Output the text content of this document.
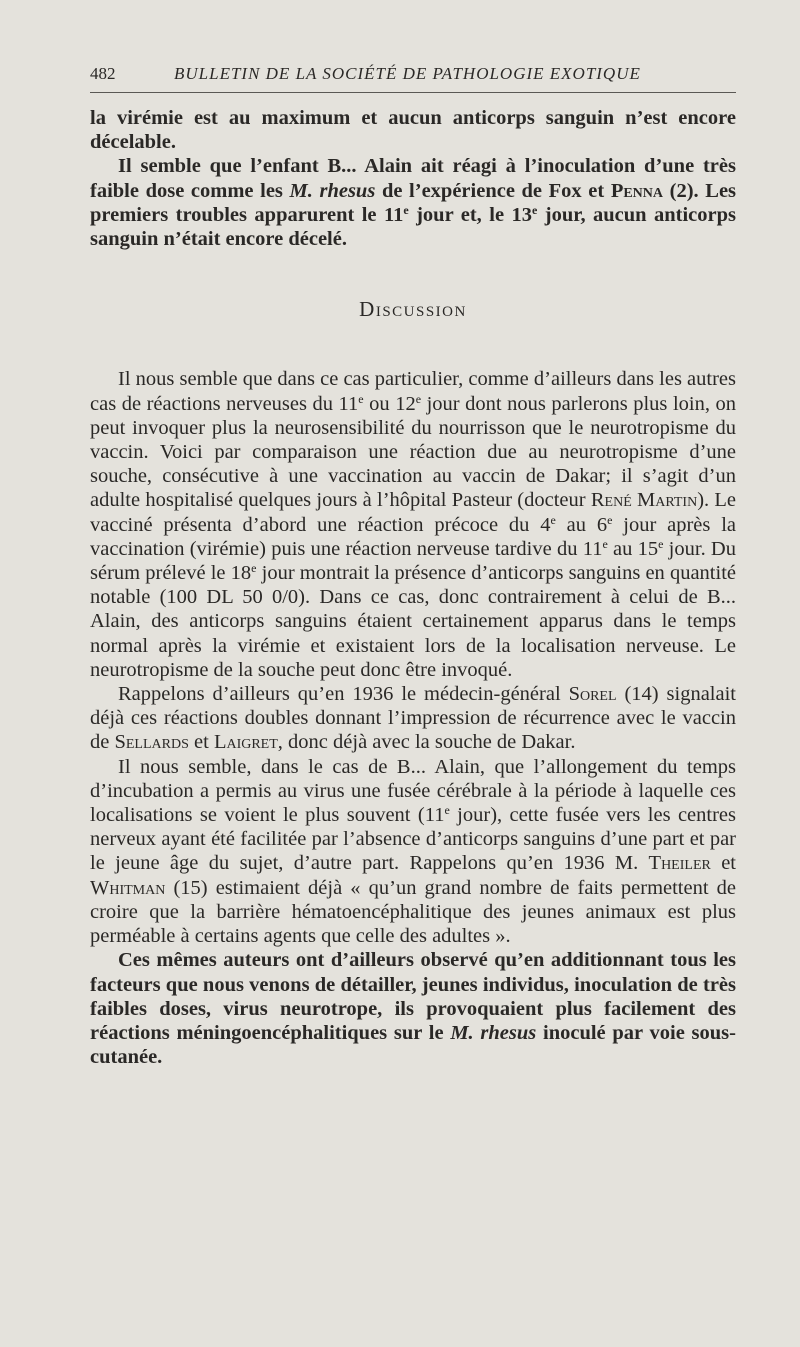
482	BULLETIN DE LA SOCIÉTÉ DE PATHOLOGIE EXOTIQUE

la virémie est au maximum et aucun anticorps sanguin n’est encore décelable.

Il semble que l’enfant B... Alain ait réagi à l’inoculation d’une très faible dose comme les M. rhesus de l’expérience de Fox et Penna (2). Les premiers troubles apparurent le 11e jour et, le 13e jour, aucun anticorps sanguin n’était encore décelé.

Discussion

Il nous semble que dans ce cas particulier, comme d’ailleurs dans les autres cas de réactions nerveuses du 11e ou 12e jour dont nous parlerons plus loin, on peut invoquer plus la neurosensibilité du nourrisson que le neurotropisme du vaccin. Voici par comparaison une réaction due au neurotropisme d’une souche, consécutive à une vaccination au vaccin de Dakar; il s’agit d’un adulte hospitalisé quelques jours à l’hôpital Pasteur (docteur René Martin). Le vacciné présenta d’abord une réaction précoce du 4e au 6e jour après la vaccination (virémie) puis une réaction nerveuse tardive du 11e au 15e jour. Du sérum prélevé le 18e jour montrait la présence d’anticorps sanguins en quantité notable (100 DL 50 0/0). Dans ce cas, donc contrairement à celui de B... Alain, des anticorps sanguins étaient certainement apparus dans le temps normal après la virémie et existaient lors de la localisation nerveuse. Le neurotropisme de la souche peut donc être invoqué.

Rappelons d’ailleurs qu’en 1936 le médecin-général Sorel (14) signalait déjà ces réactions doubles donnant l’impression de récurrence avec le vaccin de Sellards et Laigret, donc déjà avec la souche de Dakar.

Il nous semble, dans le cas de B... Alain, que l’allongement du temps d’incubation a permis au virus une fusée cérébrale à la période à laquelle ces localisations se voient le plus souvent (11e jour), cette fusée vers les centres nerveux ayant été facilitée par l’absence d’anticorps sanguins d’une part et par le jeune âge du sujet, d’autre part. Rappelons qu’en 1936 M. Theiler et Whitman (15) estimaient déjà « qu’un grand nombre de faits permettent de croire que la barrière hématoencéphalitique des jeunes animaux est plus perméable à certains agents que celle des adultes ».

Ces mêmes auteurs ont d’ailleurs observé qu’en additionnant tous les facteurs que nous venons de détailler, jeunes individus, inoculation de très faibles doses, virus neurotrope, ils provoquaient plus facilement des réactions méningoencéphalitiques sur le M. rhesus inoculé par voie sous-cutanée.
